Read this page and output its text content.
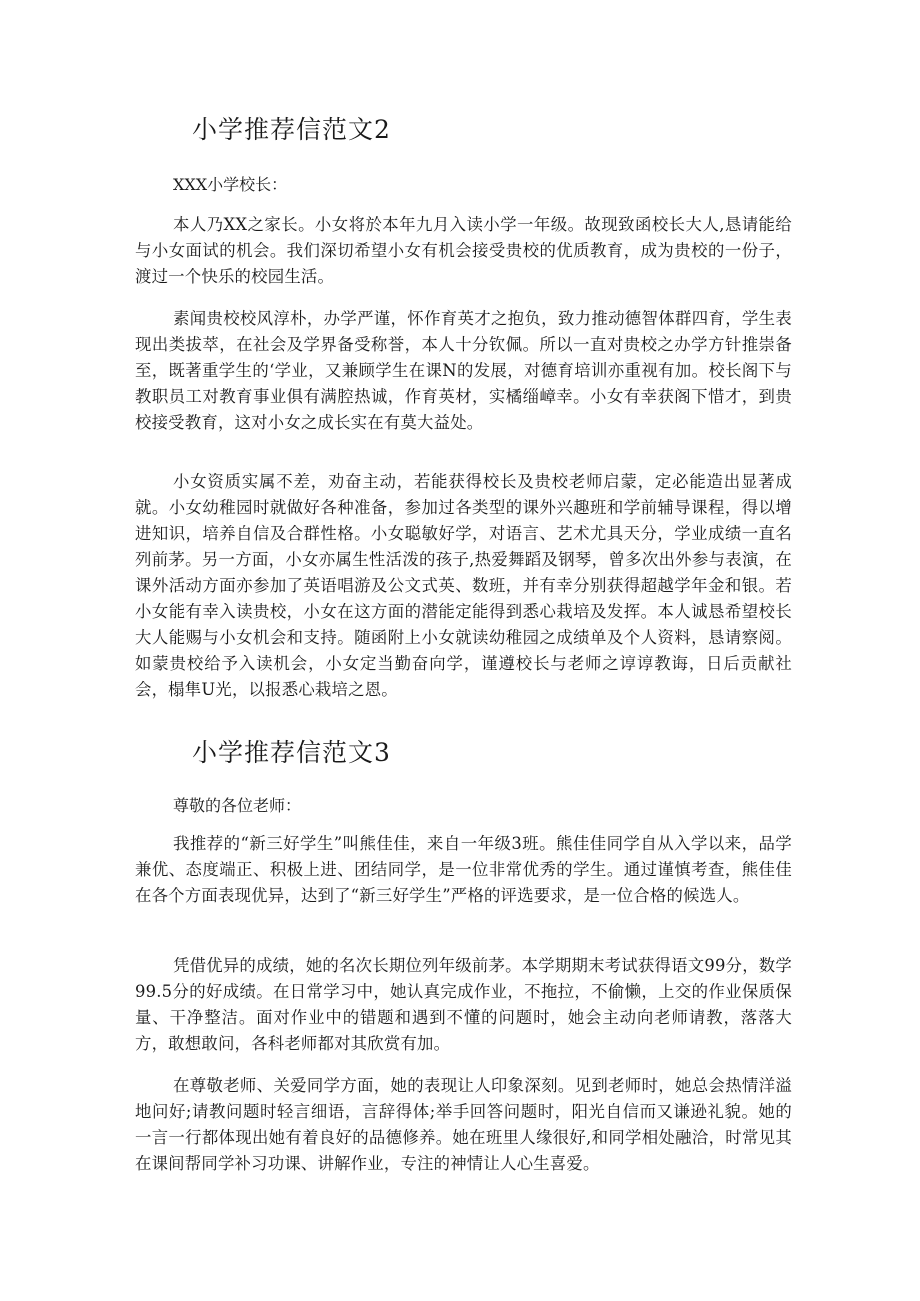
小学推荐信范文2

XXX小学校长：

本人乃XX之家长。小女将於本年九月入读小学一年级。故现致函校长大人,恳请能给与小女面试的机会。我们深切希望小女有机会接受贵校的优质教育，成为贵校的一份子，渡过一个快乐的校园生活。

素闻贵校校风淳朴，办学严谨，怀作育英才之抱负，致力推动德智体群四育，学生表现出类拔萃，在社会及学界备受称誉，本人十分钦佩。所以一直对贵校之办学方针推崇备至，既著重学生的‘学业，又兼顾学生在课N的发展，对德育培训亦重视有加。校长阁下与教职员工对教育事业俱有满腔热诚，作育英材，实橘缁嶂幸。小女有幸获阁下惜才，到贵校接受教育，这对小女之成长实在有莫大益处。

小女资质实属不差，劝奋主动，若能获得校长及贵校老师启蒙，定必能造出显著成就。小女幼稚园时就做好各种准备，参加过各类型的课外兴趣班和学前辅导课程，得以增进知识，培养自信及合群性格。小女聪敏好学，对语言、艺术尤具天分，学业成绩一直名列前茅。另一方面，小女亦属生性活泼的孩子,热爱舞蹈及钢琴，曾多次出外参与表演，在课外活动方面亦参加了英语唱游及公文式英、数班，并有幸分别获得超越学年金和银。若小女能有幸入读贵校，小女在这方面的潜能定能得到悉心栽培及发挥。本人诚恳希望校长大人能赐与小女机会和支持。随函附上小女就读幼稚园之成绩单及个人资料，恳请察阅。如蒙贵校给予入读机会，小女定当勤奋向学，谨遵校长与老师之谆谆教诲，日后贡献社会，榻隼U光，以报悉心栽培之恩。

小学推荐信范文3

尊敬的各位老师：

我推荐的“新三好学生”叫熊佳佳，来自一年级3班。熊佳佳同学自从入学以来，品学兼优、态度端正、积极上进、团结同学，是一位非常优秀的学生。通过谨慎考查，熊佳佳在各个方面表现优异，达到了“新三好学生”严格的评选要求，是一位合格的候选人。

凭借优异的成绩，她的名次长期位列年级前茅。本学期期末考试获得语文99分，数学99.5分的好成绩。在日常学习中，她认真完成作业，不拖拉，不偷懒，上交的作业保质保量、干净整洁。面对作业中的错题和遇到不懂的问题时，她会主动向老师请教，落落大方，敢想敢问，各科老师都对其欣赏有加。

在尊敬老师、关爱同学方面，她的表现让人印象深刻。见到老师时，她总会热情洋溢地问好;请教问题时轻言细语，言辞得体;举手回答问题时，阳光自信而又谦逊礼貌。她的一言一行都体现出她有着良好的品德修养。她在班里人缘很好,和同学相处融洽，时常见其在课间帮同学补习功课、讲解作业，专注的神情让人心生喜爱。
